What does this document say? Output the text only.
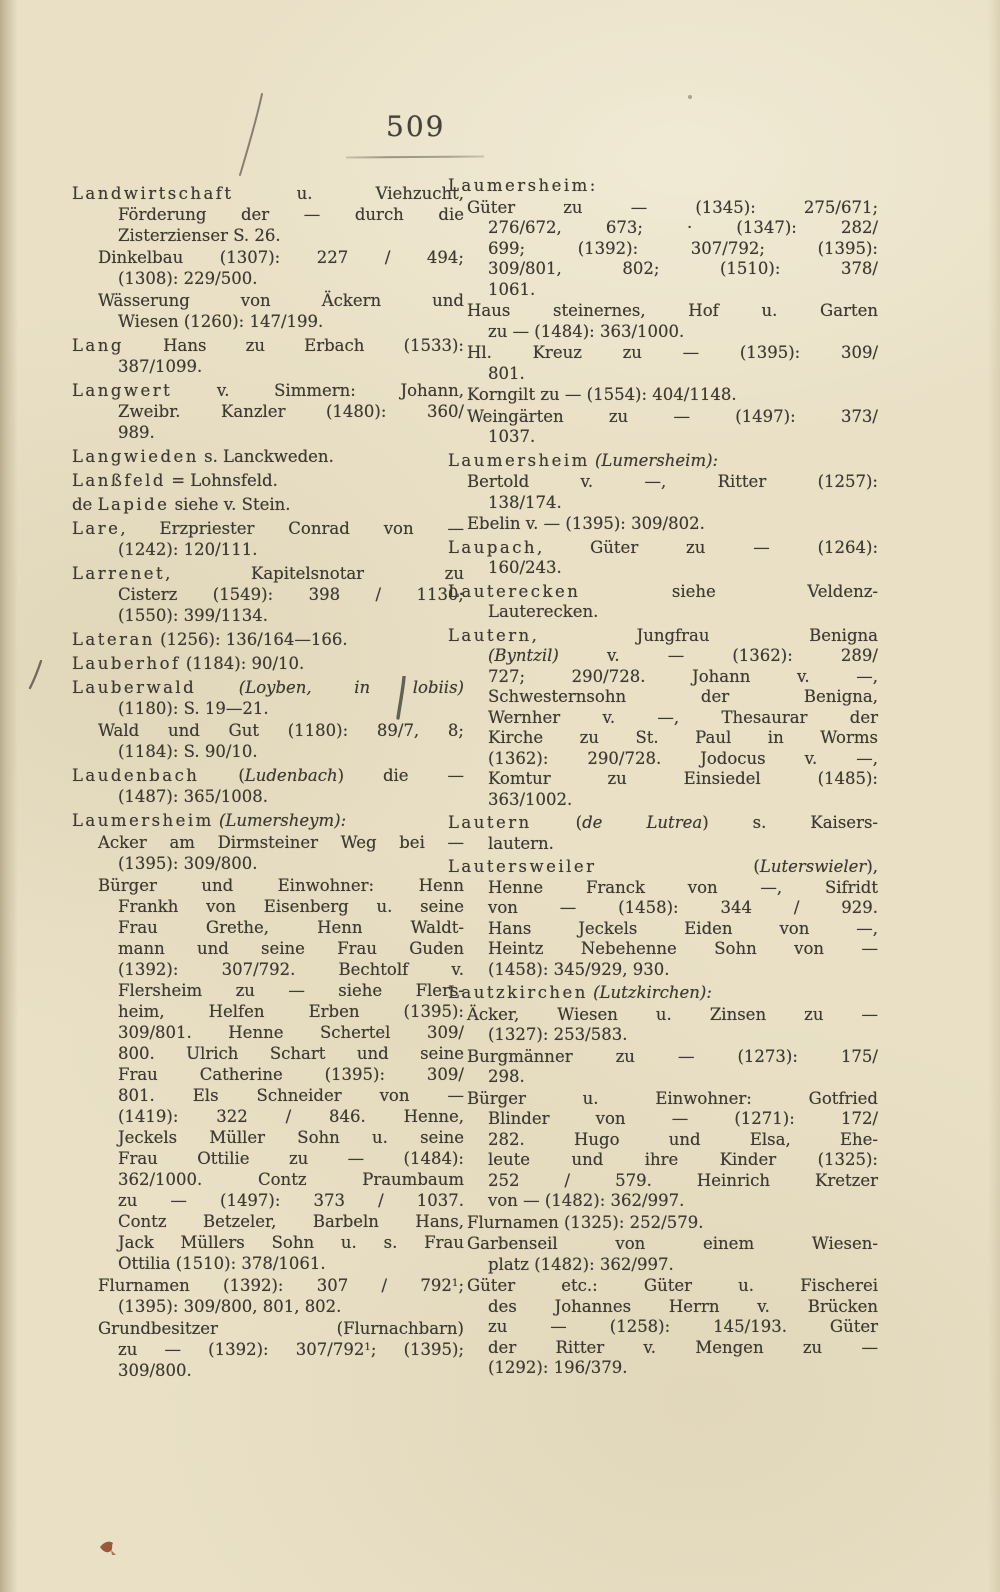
509
Landwirtschaft u. Viehzucht,
Förderung der — durch die
Zisterzienser S. 26.
Dinkelbau (1307): 227 / 494;
(1308): 229/500.
Wässerung von Äckern und
Wiesen (1260): 147/199.
Lang Hans zu Erbach (1533):
387/1099.
Langwert v. Simmern: Johann,
Zweibr. Kanzler (1480): 360/
989.
Langwieden s. Lanckweden.
Lanßfeld = Lohnsfeld.
de Lapide siehe v. Stein.
Lare, Erzpriester Conrad von —
(1242): 120/111.
Larrenet, Kapitelsnotar zu
Cisterz (1549): 398 / 1130;
(1550): 399/1134.
Lateran (1256): 136/164—166.
Lauberhof (1184): 90/10.
Lauberwald	(Loyben, in lobiis)
(1180): S. 19—21.
Wald und Gut (1180): 89/7, 8;
(1184): S. 90/10.
Laudenbach (Ludenbach) die —
(1487): 365/1008.
Laumersheim (Lumersheym):
Acker am Dirmsteiner Weg bei —
(1395): 309/800.
Bürger und Einwohner: Henn
Frankh von Eisenberg u. seine
Frau Grethe, Henn Waldt-
mann und seine Frau Guden
(1392): 307/792. Bechtolf v.
Flersheim zu — siehe Flers-
heim, Helfen Erben (1395):
309/801. Henne Schertel 309/
800. Ulrich Schart und seine
Frau Catherine (1395): 309/
801. Els Schneider von —
(1419): 322 / 846. Henne,
Jeckels Müller Sohn u. seine
Frau Ottilie zu — (1484):
362/1000. Contz Praumbaum
zu — (1497): 373 / 1037.
Contz Betzeler, Barbeln Hans,
Jack Müllers Sohn u. s. Frau
Ottilia (1510): 378/1061.
Flurnamen (1392): $307 / 792^1$;
(1395): 309/800, 801, 802.
Grundbesitzer (Flurnachbarn)
zu — (1392): $307/792^1$; (1395);
309/800.
Laumersheim:
Güter zu — (1345): 275/671;
276/672, 673; · (1347): 282/
699; (1392): 307/792; (1395):
309/801, 802; (1510): 378/
1061.
Haus steinernes, Hof u. Garten
zu — (1484): 363/1000.
Hl. Kreuz zu — (1395): 309/
801.
Korngilt zu — (1554): 404/1148.
Weingärten zu — (1497): 373/
1037.
Laumersheim (Lumersheim):
Bertold v. —, Ritter (1257):
138/174.
Ebelin v. — (1395): 309/802.
Laupach, Güter zu — (1264):
160/243.
Lauterecken siehe Veldenz-
Lauterecken.
Lautern, Jungfrau Benigna
(Byntzil) v. — (1362): 289/
727; 290/728. Johann v. —,
Schwesternsohn der Benigna,
Wernher v. —, Thesaurar der
Kirche zu St. Paul in Worms
(1362): 290/728. Jodocus v. —,
Komtur zu Einsiedel (1485):
363/1002.
Lautern (de Lutrea) s. Kaisers-
lautern.
Lautersweiler (Luterswieler),
Henne Franck von —, Sifridt
von — (1458): 344 / 929.
Hans Jeckels Eiden von —,
Heintz Nebehenne Sohn von —
(1458): 345/929, 930.
Lautzkirchen (Lutzkirchen):
Äcker, Wiesen u. Zinsen zu —
(1327): 253/583.
Burgmänner zu — (1273): 175/
298.
Bürger u. Einwohner: Gotfried
Blinder von — (1271): 172/
282. Hugo und Elsa, Ehe-
leute und ihre Kinder (1325):
252 / 579. Heinrich Kretzer
von — (1482): 362/997.
Flurnamen (1325): 252/579.
Garbenseil von einem Wiesen-
platz (1482): 362/997.
Güter etc.: Güter u. Fischerei
des Johannes Herrn v. Brücken
zu — (1258): 145/193. Güter
der Ritter v. Mengen zu —
(1292): 196/379.
